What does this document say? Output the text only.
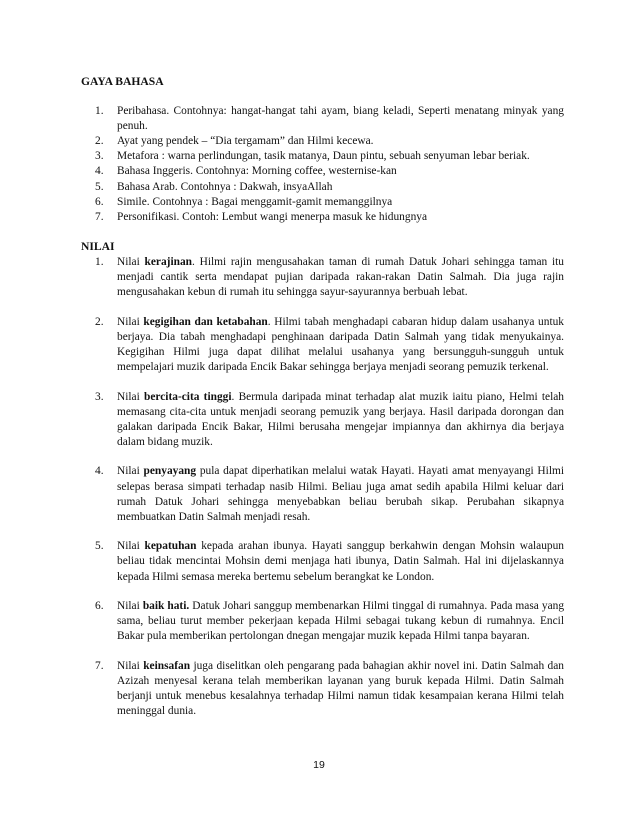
GAYA BAHASA
1. Peribahasa. Contohnya: hangat-hangat tahi ayam, biang keladi, Seperti menatang minyak yang penuh.
2. Ayat yang pendek – “Dia tergamam” dan Hilmi kecewa.
3. Metafora : warna perlindungan, tasik matanya, Daun pintu, sebuah senyuman lebar beriak.
4. Bahasa Inggeris. Contohnya: Morning coffee, westernise-kan
5. Bahasa Arab. Contohnya : Dakwah, insyaAllah
6. Simile. Contohnya : Bagai menggamit-gamit memanggilnya
7. Personifikasi. Contoh: Lembut wangi menerpa masuk ke hidungnya
NILAI
1. Nilai kerajinan. Hilmi rajin mengusahakan taman di rumah Datuk Johari sehingga taman itu menjadi cantik serta mendapat pujian daripada rakan-rakan Datin Salmah. Dia juga rajin mengusahakan kebun di rumah itu sehingga sayur-sayurannya berbuah lebat.
2. Nilai kegigihan dan ketabahan. Hilmi tabah menghadapi cabaran hidup dalam usahanya untuk berjaya. Dia tabah menghadapi penghinaan daripada Datin Salmah yang tidak menyukainya. Kegigihan Hilmi juga dapat dilihat melalui usahanya yang bersungguh-sungguh untuk mempelajari muzik daripada Encik Bakar sehingga berjaya menjadi seorang pemuzik terkenal.
3. Nilai bercita-cita tinggi. Bermula daripada minat terhadap alat muzik iaitu piano, Helmi telah memasang cita-cita untuk menjadi seorang pemuzik yang berjaya. Hasil daripada dorongan dan galakan daripada Encik Bakar, Hilmi berusaha mengejar impiannya dan akhirnya dia berjaya dalam bidang muzik.
4. Nilai penyayang pula dapat diperhatikan melalui watak Hayati. Hayati amat menyayangi Hilmi selepas berasa simpati terhadap nasib Hilmi. Beliau juga amat sedih apabila Hilmi keluar dari rumah Datuk Johari sehingga menyebabkan beliau berubah sikap. Perubahan sikapnya membuatkan Datin Salmah menjadi resah.
5. Nilai kepatuhan kepada arahan ibunya. Hayati sanggup berkahwin dengan Mohsin walaupun beliau tidak mencintai Mohsin demi menjaga hati ibunya, Datin Salmah. Hal ini dijelaskannya kepada Hilmi semasa mereka bertemu sebelum berangkat ke London.
6. Nilai baik hati. Datuk Johari sanggup membenarkan Hilmi tinggal di rumahnya. Pada masa yang sama, beliau turut member pekerjaan kepada Hilmi sebagai tukang kebun di rumahnya. Encil Bakar pula memberikan pertolongan dnegan mengajar muzik kepada Hilmi tanpa bayaran.
7. Nilai keinsafan juga diselitkan oleh pengarang pada bahagian akhir novel ini. Datin Salmah dan Azizah menyesal kerana telah memberikan layanan yang buruk kepada Hilmi. Datin Salmah berjanji untuk menebus kesalahnya terhadap Hilmi namun tidak kesampaian kerana Hilmi telah meninggal dunia.
19
